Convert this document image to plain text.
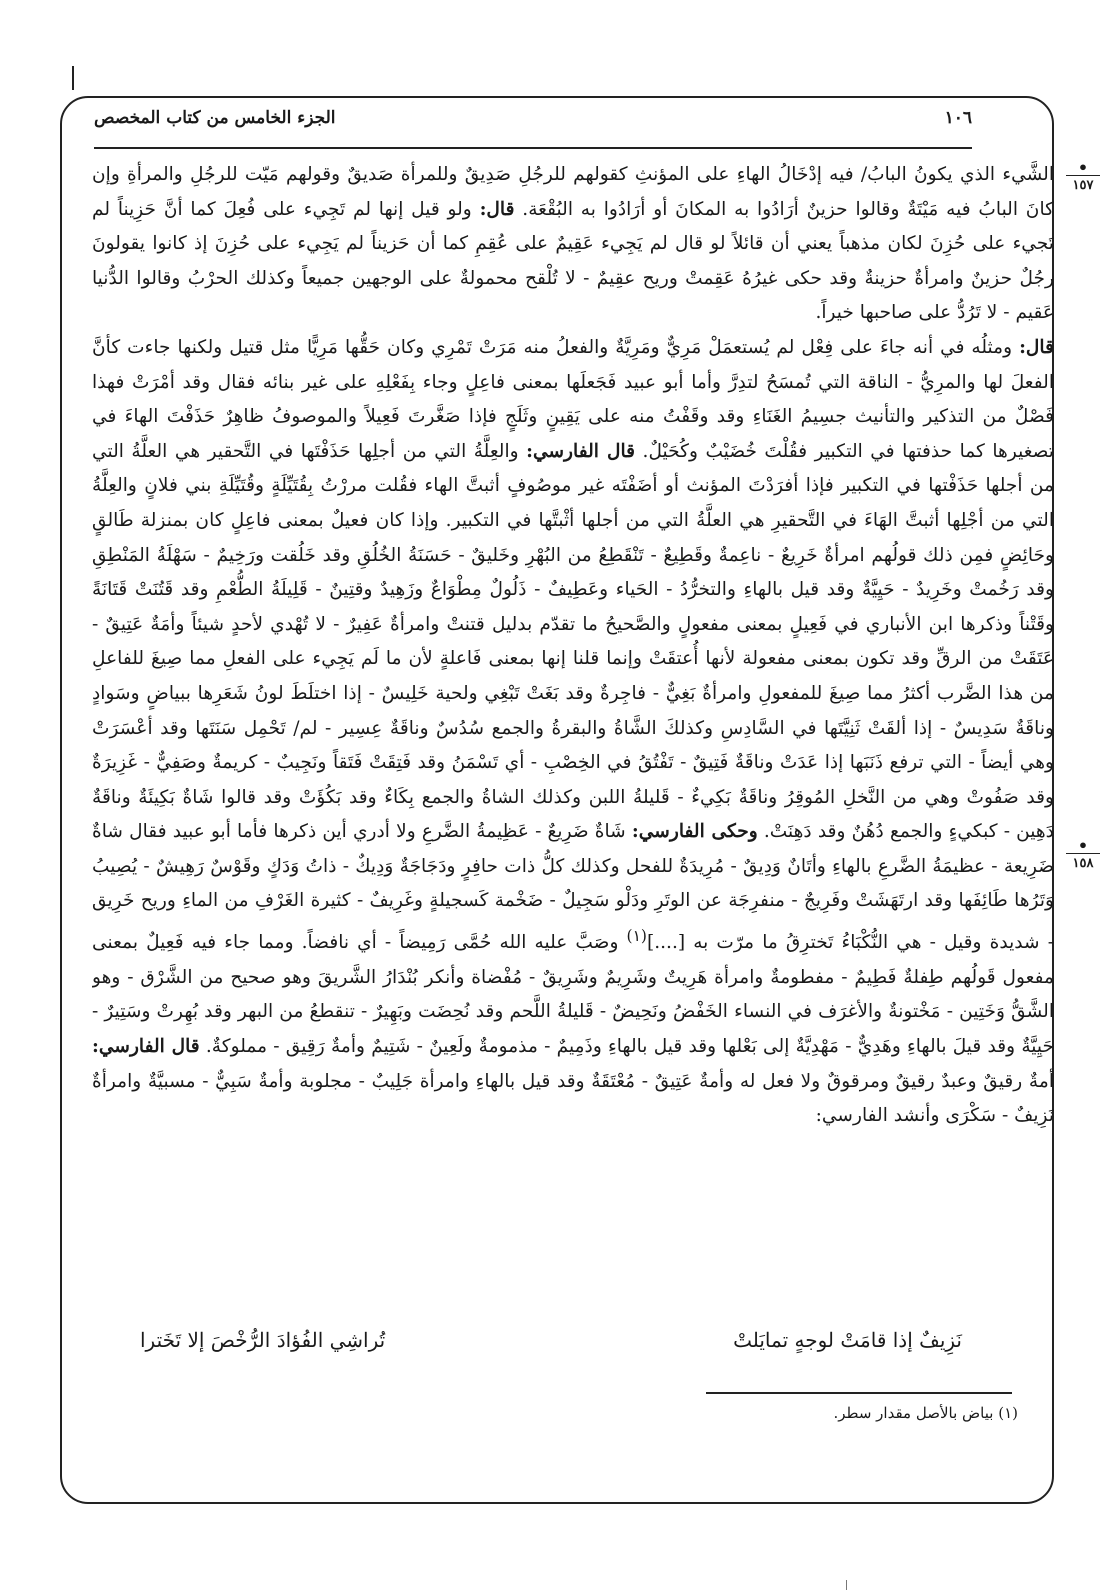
الجزء الخامس من كتاب المخصص	١٠٦
•
١٥٧
•
١٥٨

الشَّيء الذي يكونُ البابُ/ فيه إدْخَالُ الهاءِ على المؤنثِ كقولهم للرجُلِ صَدِيقٌ وللمرأة صَديقٌ وقولهم مَيّت للرجُلِ والمرأةِ وإن كانَ البابُ فيه مَيْتَةٌ وقالوا حزينٌ أرَادُوا به المكانَ أو أرَادُوا به البُقْعَة. قال: ولو قيل إنها لم تَجِيء على فُعِلَ كما أنَّ حَزِيناً لم تَجيء على حُزِنَ لكان مذهباً يعني أن قائلاً لو قال لم يَجِيء عَقِيمٌ على عُقِمِ كما أن حَزيناً لم يَجِيء على حُزِنَ إذ كانوا يقولونَ رجُلٌ حزينٌ وامرأةٌ حزينةٌ وقد حكى غيرُهُ عَقِمتْ وريح عقِيمٌ - لا تُلْقح محمولةٌ على الوجهين جميعاً وكذلك الحرْبُ وقالوا الدُّنيا عَقيم - لا تَرُدُّ على صاحبها خيراً.

قال: ومثلُه في أنه جاءَ على فِعْل لم يُستعمَلْ مَرِيٌّ ومَرِيَّةٌ والفعلُ منه مَرَتْ تَمْرِي وكان حَقُّها مَرِيًّا مثل قتيل ولكنها جاءت كأنَّ الفعلَ لها والمرِيُّ - الناقة التي تُمسَحُ لتدِرَّ وأما أبو عبيد فَجَعلَها بمعنى فاعِلٍ وجاء بِفَعْلِهِ على غير بنائه فقال وقد أمْرَتْ فهذا فَصْلٌ من التذكير والتأنيث جسِيمُ الغَنَاءِ وقد وقَفْتُ منه على يَقِينٍ وثَلَجٍ فإذا صَغَّرتَ فَعِيلاً والموصوفُ ظاهِرٌ حَذَفْتَ الهاءَ في تصغيرها كما حذفتها في التكبير فقُلْتَ خُضَيْبٌ وكُحَيْلٌ. قال الفارسي: والعِلَّةُ التي من أجلِها حَذَفْتَها في التَّحقير هي العلَّةُ التي من أجلها حَذَفْتها في التكبير فإذا أفرَدْتَ المؤنث أو أضَفْتَه غير موصُوفٍ أثبتَّ الهاء فقُلت مررْتُ بِقُتَيِّلَةٍ وقُتَيِّلَةِ بني فلانٍ والعِلَّةُ التي من أجْلِها أثبتَّ الهَاءَ في التَّحقيرِ هي العلَّةُ التي من أجلها أثْبتَّها في التكبير. وإذا كان فعيلٌ بمعنى فاعِلٍ كان بمنزلة طَالقٍ وحَائِضٍ فمِن ذلك قولُهم امرأةٌ خَرِيعٌ - ناعِمةٌ وقَطِيعٌ - تَنْقَطِعُ من البُهْرِ وخَليقٌ - حَسَنَةُ الخُلُقِ وقد خَلُقت ورَخِيمٌ - سَهْلَةُ المَنْطِقِ وقد رَخُمتْ وخَرِيدٌ - حَيِيَّةٌ وقد قيل بالهاءِ والتخرُّدُ - الحَياء وعَطِيفٌ - ذَلُولٌ مِطْوَاعٌ وزَهِيدٌ وقتِينٌ - قَلِيلَةُ الطُّعْمِ وقد قَتُنَتْ قَتَانَةً وقَتْناً وذكرها ابن الأنباري في فَعِيلٍ بمعنى مفعولٍ والصَّحيحُ ما تقدّم بدليل قتنتْ وامرأةٌ عَفِيرٌ - لا تُهْدي لأحدٍ شيئاً وأمَةٌ عَتِيقٌ - عَتَقَتْ من الرقِّ وقد تكون بمعنى مفعولة لأنها أُعتقَتْ وإنما قلنا إنها بمعنى فَاعلةٍ لأن ما لَم يَجِيء على الفعلِ مما صِيغَ للفاعلِ من هذا الضَّرب أكثرُ مما صِيغَ للمفعولِ وامرأةٌ بَغِيٌّ - فاجِرةٌ وقد بَغَتْ تَبْغِي ولحية خَلِيسٌ - إذا اختلَطَ لونُ شَعَرِها ببياضٍ وسَوادٍ وناقَةٌ سَدِيسٌ - إذا ألقَتْ ثَنِيَّتَها في السَّادِسِ وكذلكَ الشَّاةُ والبقرةُ والجمع سُدُسٌ وناقَةٌ عِسِير - لم/ تَحْمِل سَنَتَها وقد أعْسَرَتْ وهي أيضاً - التي ترفع ذَنَبَها إذا عَدَتْ وناقَةٌ فَتِيقٌ - تَفْتُقُ في الخِصْبِ - أي تَسْمَنُ وقد فَتِقَتْ فَتَقاً ونَجِيبٌ - كريمةٌ وصَفِيٌّ - غَزِيرَةٌ وقد صَفُوتْ وهي من النَّخلِ المُوقِرُ وناقَةٌ بَكِيءٌ - قَليلةُ اللبن وكذلك الشاةُ والجمع بِكَاءٌ وقد بَكُؤَتْ وقد قالوا شَاةٌ بَكِيئَةٌ وناقَةٌ دَهِين - كبكيءٍ والجمع دُهُنٌ وقد دَهِنَتْ. وحكى الفارسي: شَاةٌ ضَرِيعٌ - عَظِيمةُ الضَّرعِ ولا أدري أين ذكرها فأما أبو عبيد فقال شاةٌ ضَرِيعة - عظيمَةُ الضَّرعِ بالهاءِ وأتَانٌ وَدِيقٌ - مُرِيدَةٌ للفحل وكذلك كلُّ ذات حافِرٍ ودَجَاجَةٌ وَدِيكٌ - ذاتُ وَدَكٍ وقَوْسٌ رَهِيشٌ - يُصِيبُ وَتَرُها طَائِفَها وقد ارتَهَشَتْ وفَرِيجٌ - منفرِجَة عن الوتَرِ ودَلْو سَجِيلٌ - ضَخْمة كَسجيلةٍ وغَرِيفٌ - كثيرة الغَرْفِ من الماءِ وريح خَرِيق - شديدة وقيل - هي النُّكْبَاءُ تَخترِقُ ما مرّت به [....]$^{(١)}$ وصَبَّ عليه الله حُمَّى رَمِيضاً - أي نافضاً. ومما جاء فيه فَعِيلٌ بمعنى مفعول قَولُهم طِفلةٌ فَطِيمٌ - مفطومةٌ وامرأة هَرِيتٌ وشَرِيمٌ وشَرِيقٌ - مُفْضاة وأنكر بُنْدَارُ الشَّريقَ وهو صحيح من الشَّرْق - وهو الشَّقُّ وَخَتِين - مَخْتونةٌ والأغرَف في النساء الخَفْضُ ونَحِيضٌ - قَليلةُ اللَّحم وقد نُحِضَت وبَهِيرٌ - تنقطعُ من البهر وقد بُهِرتْ وسَتِيرٌ - حَيِيَّةٌ وقد قيلَ بالهاءِ وهَدِيٌّ - مَهْدِيَّةٌ إلى بَعْلها وقد قيل بالهاءِ وذَمِيمٌ - مذمومةٌ ولَعِينٌ - شَتِيمٌ وأمةٌ رَقِيق - مملوكةٌ. قال الفارسي: أمةٌ رقيقٌ وعبدٌ رقيقٌ ومرقوقٌ ولا فعل له وأمةٌ عَتِيقٌ - مُعْتَقَةٌ وقد قيل بالهاءِ وامرأة جَلِيبٌ - مجلوبة وأمةٌ سَبِيٌّ - مسبيَّةٌ وامرأةٌ نَزِيفٌ - سَكْرَى وأنشد الفارسي:

نَزِيفٌ إذا قامَتْ لوجهٍ تمايَلتْ
تُراشِي الفُؤادَ الرُّخْصَ إلا تَخَترا
(١) بياض بالأصل مقدار سطر.
